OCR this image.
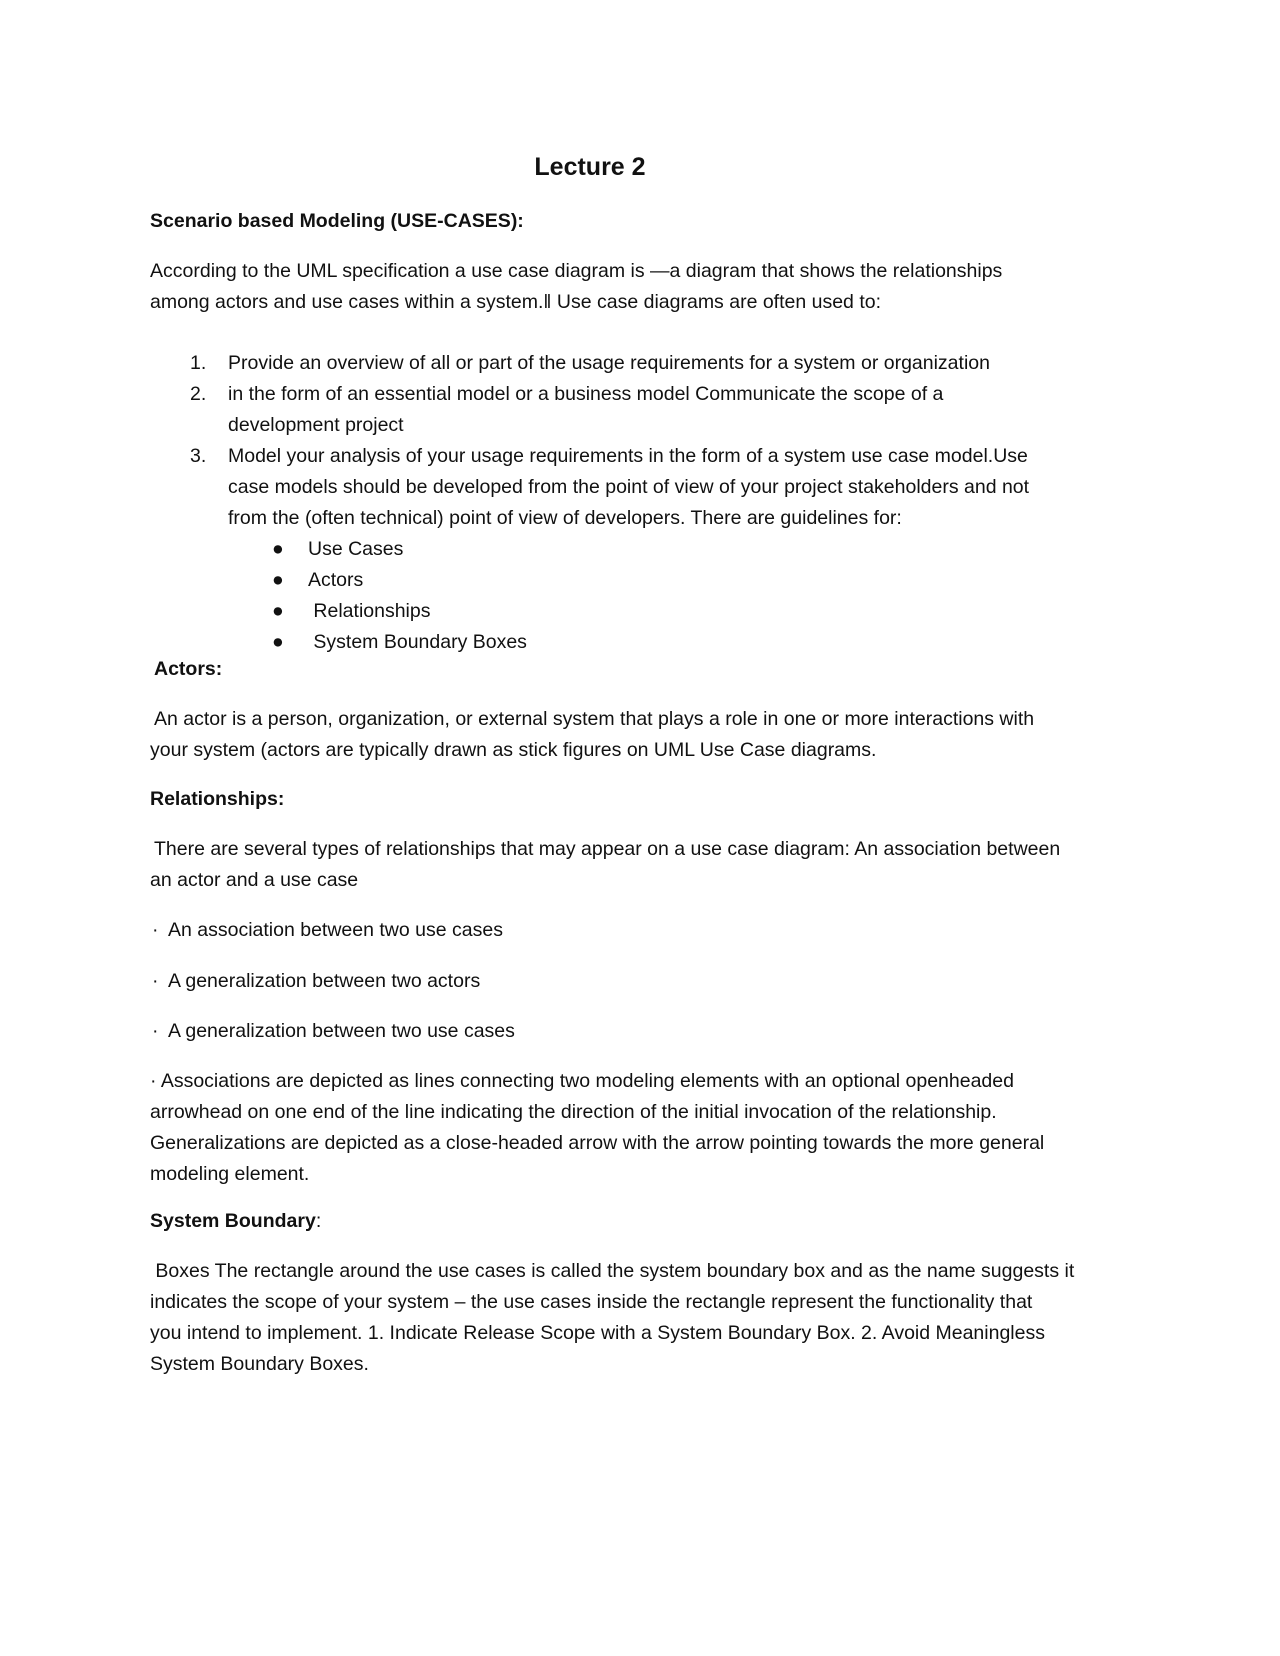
Lecture 2
Scenario based Modeling (USE-CASES):

According to the UML specification a use case diagram is —a diagram that shows the relationships

among actors and use cases within a system.‖ Use case diagrams are often used to:

1.	Provide an overview of all or part of the usage requirements for a system or organization
2.	in the form of an essential model or a business model Communicate the scope of a
development project
3.	Model your analysis of your usage requirements in the form of a system use case model.Use
case models should be developed from the point of view of your project stakeholders and not
from the (often technical) point of view of developers. There are guidelines for:
●	Use Cases
●	Actors
●	Relationships
●	System Boundary Boxes
Actors:

An actor is a person, organization, or external system that plays a role in one or more interactions with

your system (actors are typically drawn as stick figures on UML Use Case diagrams.

Relationships:

There are several types of relationships that may appear on a use case diagram: An association between

an actor and a use case

· An association between two use cases
· A generalization between two actors
· A generalization between two use cases

· Associations are depicted as lines connecting two modeling elements with an optional openheaded

arrowhead on one end of the line indicating the direction of the initial invocation of the relationship.

Generalizations are depicted as a close-headed arrow with the arrow pointing towards the more general

modeling element.

System Boundary:

Boxes The rectangle around the use cases is called the system boundary box and as the name suggests it

indicates the scope of your system – the use cases inside the rectangle represent the functionality that

you intend to implement. 1. Indicate Release Scope with a System Boundary Box. 2. Avoid Meaningless

System Boundary Boxes.
